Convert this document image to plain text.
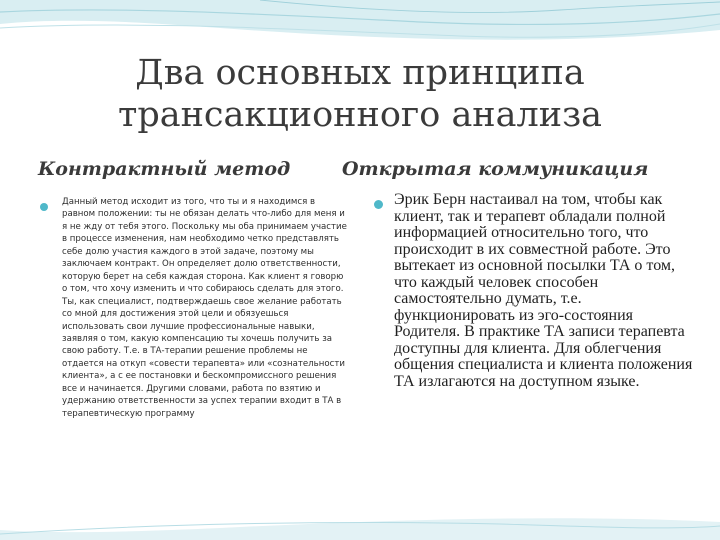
Два основных принципа трансакционного анализа
Контрактный метод	Открытая коммуникация

Данный метод исходит из того, что ты и я находимся в равном положении: ты не обязан делать что-либо для меня и я не жду от тебя этого. Поскольку мы оба принимаем участие в процессе изменения, нам необходимо четко представлять себе долю участия каждого в этой задаче, поэтому мы заключаем контракт. Он определяет долю ответственности, которую берет на себя каждая сторона. Как клиент я говорю о том, что хочу изменить и что собираюсь сделать для этого. Ты, как специалист, подтверждаешь свое желание работать со мной для достижения этой цели и обязуешься использовать свои лучшие профессиональные навыки, заявляя о том, какую компенсацию ты хочешь получить за свою работу. Т.е. в ТА-терапии решение проблемы не отдается на откуп «совести терапевта» или «сознательности клиента», а с ее постановки и бескомпромиссного решения все и начинается. Другими словами, работа по взятию и удержанию ответственности за успех терапии входит в ТА в терапевтическую программу

Эрик Берн настаивал на том, чтобы как клиент, так и терапевт обладали полной информацией относительно того, что происходит в их совместной работе. Это вытекает из основной посылки ТА о том, что каждый человек способен самостоятельно думать, т.е. функционировать из эго-состояния Родителя. В практике ТА записи терапевта доступны для клиента. Для облегчения общения специалиста и клиента положения ТА излагаются на доступном языке.
